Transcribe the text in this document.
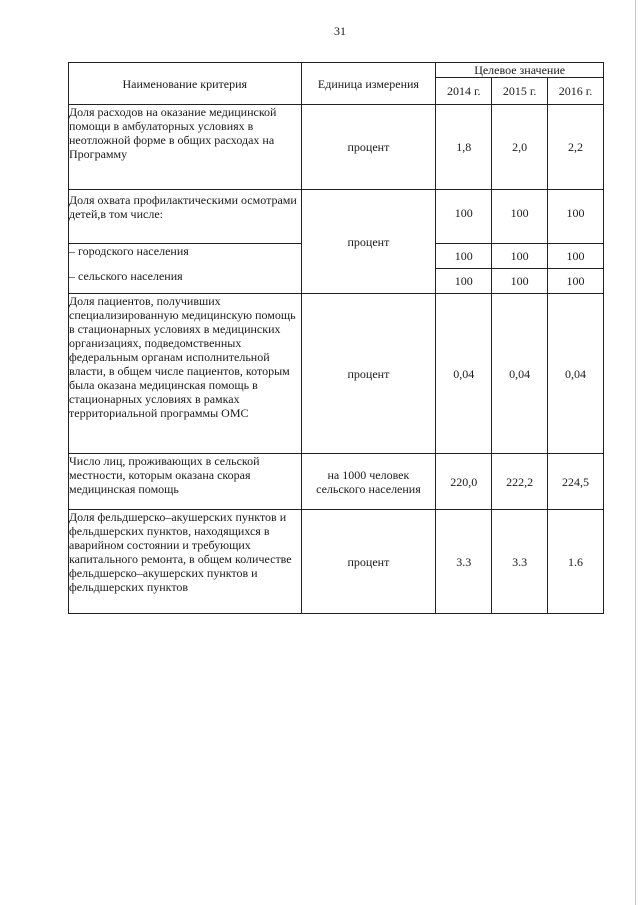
31
Наименование критерия	Единица измерения	Целевое значение		
		2014 г.	2015 г.	2016 г.
Доля расходов на оказание медицинской помощи в амбулаторных условиях в неотложной форме в общих расходах на Программу	процент	1,8	2,0	2,2
Доля охвата профилактическими осмотрами детей,в том числе:	процент	100	100	100
– городского населения		100	100	100
– сельского населения		100	100	100
Доля пациентов, получивших специализированную медицинскую помощь в стационарных условиях в медицинских организациях, подведомственных федеральным органам исполнительной власти, в общем числе пациентов, которым была оказана медицинская помощь в стационарных условиях в рамках территориальной программы ОМС	процент	0,04	0,04	0,04
Число лиц, проживающих в сельской местности, которым оказана скорая медицинская помощь	на 1000 человек сельского населения	220,0	222,2	224,5
Доля фельдшерско–акушерских пунктов и фельдшерских пунктов, находящихся в аварийном состоянии и требующих капитального ремонта, в общем количестве фельдшерско–акушерских пунктов и фельдшерских пунктов	процент	3.3	3.3	1.6
